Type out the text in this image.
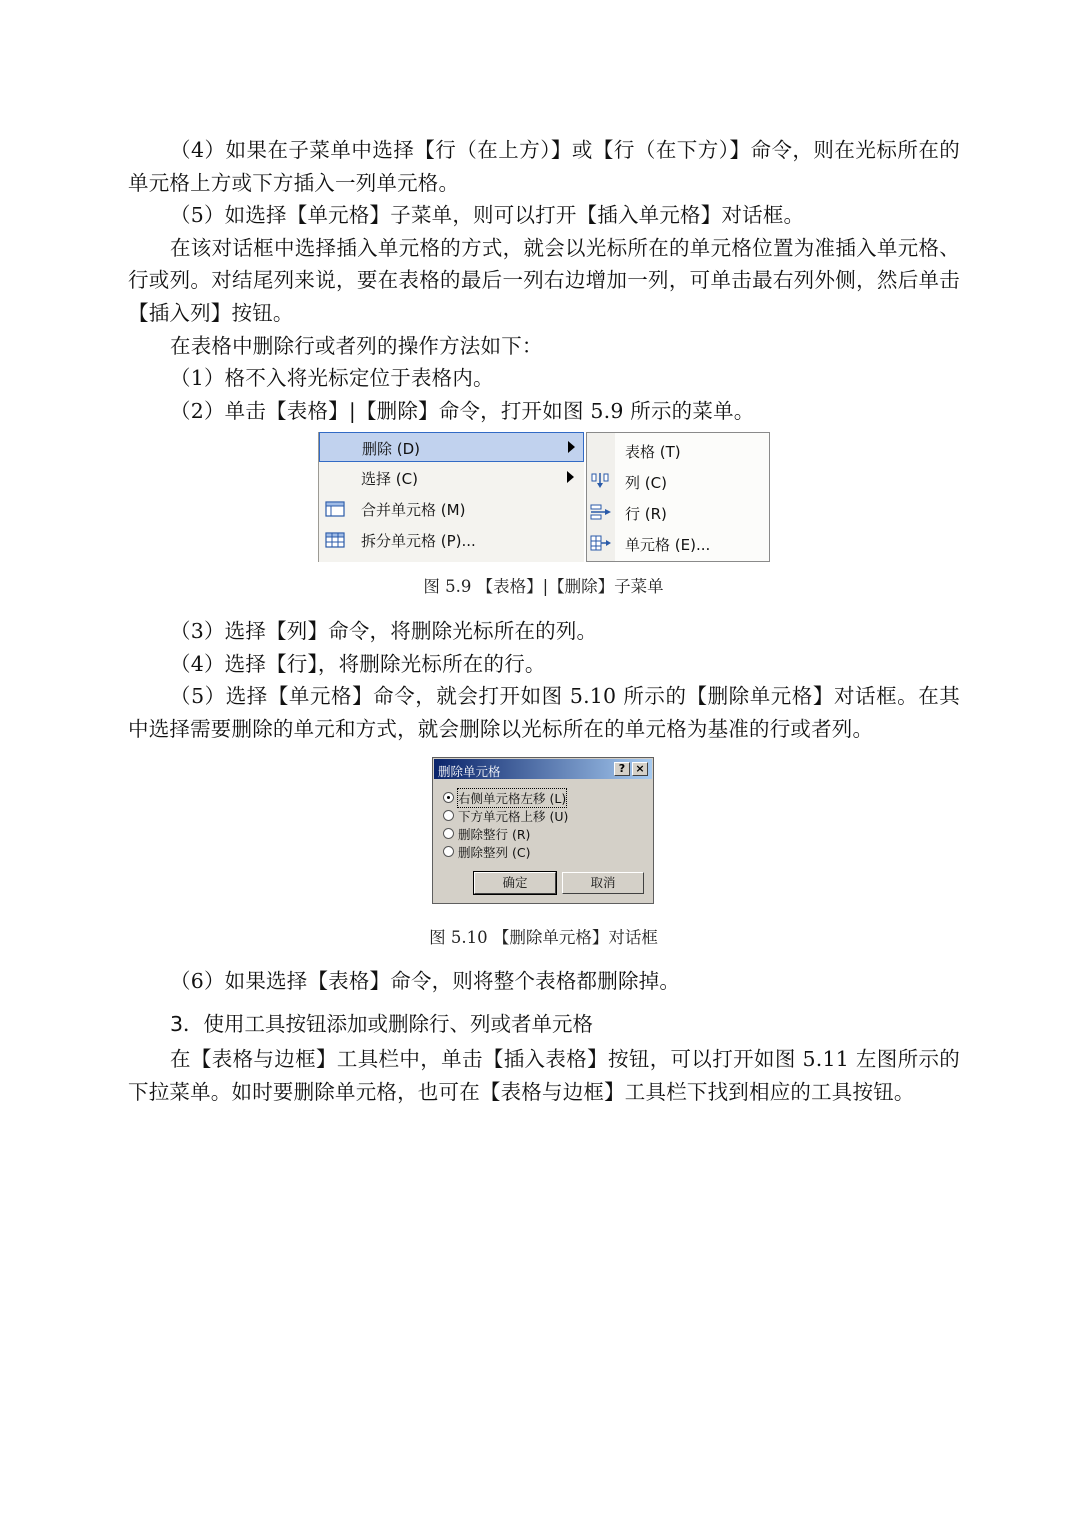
（4）如果在子菜单中选择【行（在上方）】或【行（在下方）】命令，则在光标所在的单元格上方或下方插入一列单元格。

（5）如选择【单元格】子菜单，则可以打开【插入单元格】对话框。

在该对话框中选择插入单元格的方式，就会以光标所在的单元格位置为准插入单元格、行或列。对结尾列来说，要在表格的最后一列右边增加一列，可单击最右列外侧，然后单击【插入列】按钮。

在表格中删除行或者列的操作方法如下：

（1）格不入将光标定位于表格内。

（2）单击【表格】|【删除】命令，打开如图 5.9 所示的菜单。

删除 (D)
选择 (C)
合并单元格 (M)
拆分单元格 (P)...
表格 (T)
列 (C)
行 (R)
单元格 (E)...
图 5.9 【表格】|【删除】子菜单

（3）选择【列】命令，将删除光标所在的列。

（4）选择【行】，将删除光标所在的行。

（5）选择【单元格】命令，就会打开如图 5.10 所示的【删除单元格】对话框。在其中选择需要删除的单元和方式，就会删除以光标所在的单元格为基准的行或者列。

删除单元格	? ×
右侧单元格左移 (L)
下方单元格上移 (U)
删除整行 (R)
删除整列 (C)
确定	取消
图 5.10 【删除单元格】对话框

（6）如果选择【表格】命令，则将整个表格都删除掉。

3．使用工具按钮添加或删除行、列或者单元格

在【表格与边框】工具栏中，单击【插入表格】按钮，可以打开如图 5.11 左图所示的下拉菜单。如时要删除单元格，也可在【表格与边框】工具栏下找到相应的工具按钮。
